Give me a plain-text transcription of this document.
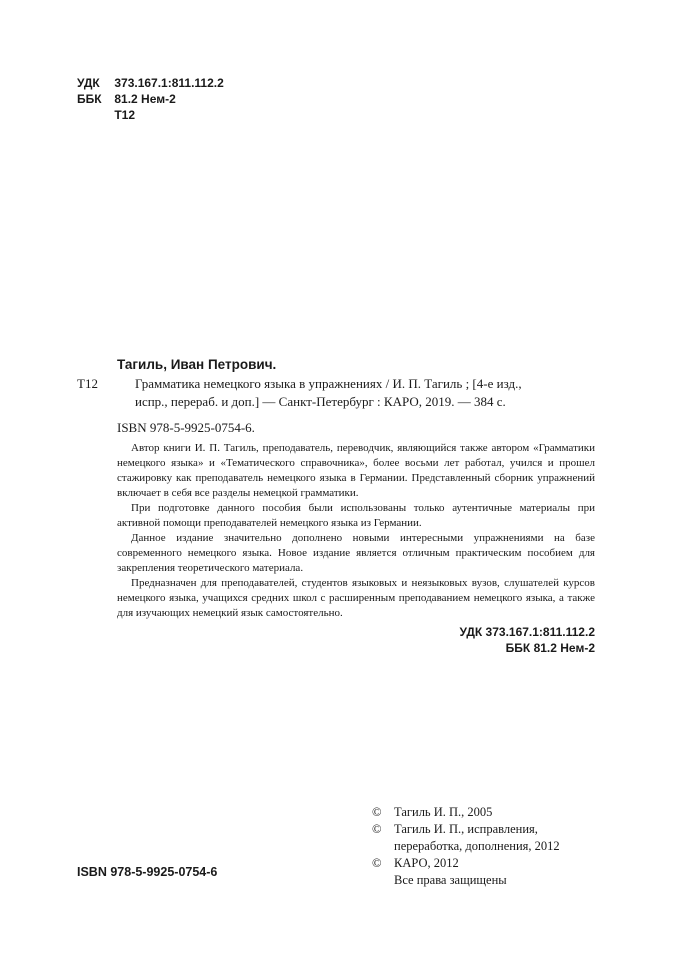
УДК 373.167.1:811.112.2
ББК 81.2 Нем-2
Т12
Тагиль, Иван Петрович.
Т12	Грамматика немецкого языка в упражнениях / И. П. Тагиль ; [4-е изд.,

испр., перераб. и доп.] — Санкт-Петербург : КАРО, 2019. — 384 с.

ISBN 978-5-9925-0754-6.

Автор книги И. П. Тагиль, преподаватель, переводчик, являющийся также автором «Грамматики немецкого языка» и «Тематического справочника», более восьми лет работал, учился и прошел стажировку как преподаватель немецкого языка в Германии. Представленный сборник упражнений включает в себя все разделы немецкой грамматики.

При подготовке данного пособия были использованы только аутентичные материалы при активной помощи преподавателей немецкого языка из Германии.

Данное издание значительно дополнено новыми интересными упражнениями на базе современного немецкого языка. Новое издание является отличным практическим пособием для закрепления теоретического материала.

Предназначен для преподавателей, студентов языковых и неязыковых вузов, слушателей курсов немецкого языка, учащихся средних школ с расширенным преподаванием немецкого языка, а также для изучающих немецкий язык самостоятельно.

УДК 373.167.1:811.112.2
ББК 81.2 Нем-2
© Тагиль И. П., 2005
© Тагиль И. П., исправления,
переработка, дополнения, 2012
© КАРО, 2012
Все права защищены
ISBN 978-5-9925-0754-6
